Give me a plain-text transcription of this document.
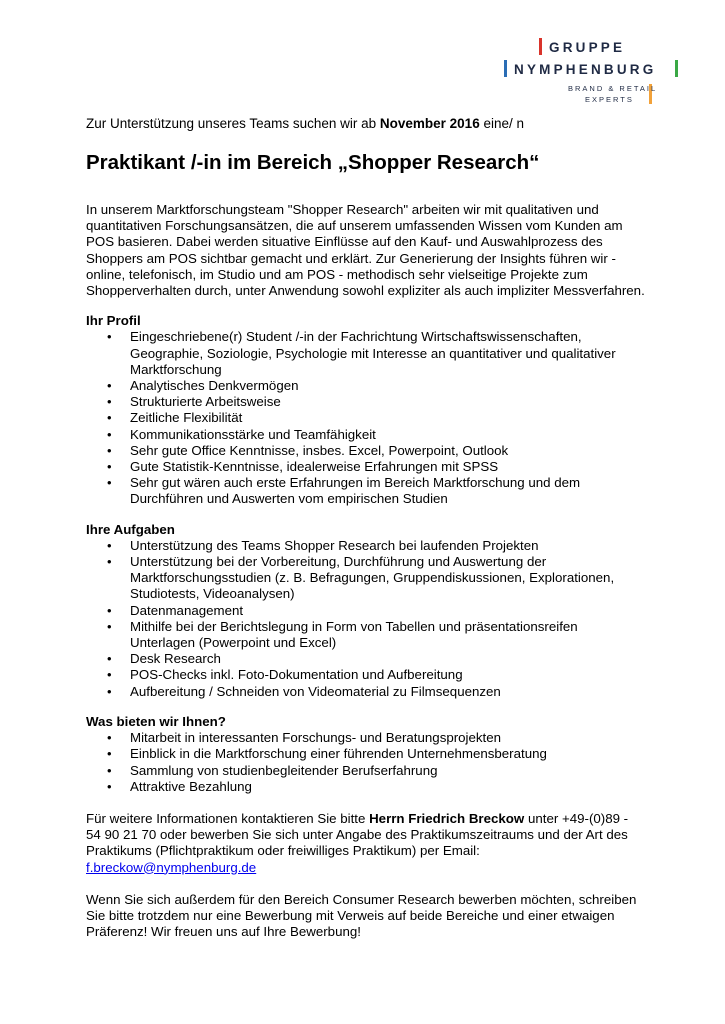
GRUPPE
NYMPHENBURG
BRAND & RETAIL
EXPERTS

Zur Unterstützung unseres Teams suchen wir ab November 2016 eine/ n

Praktikant /-in im Bereich „Shopper Research“

In unserem Marktforschungsteam "Shopper Research" arbeiten wir mit qualitativen und quantitativen Forschungsansätzen, die auf unserem umfassenden Wissen vom Kunden am POS basieren. Dabei werden situative Einflüsse auf den Kauf- und Auswahlprozess des Shoppers am POS sichtbar gemacht und erklärt. Zur Generierung der Insights führen wir - online, telefonisch, im Studio und am POS - methodisch sehr vielseitige Projekte zum Shopperverhalten durch, unter Anwendung sowohl expliziter als auch impliziter Messverfahren.

Ihr Profil
• Eingeschriebene(r) Student /-in der Fachrichtung Wirtschaftswissenschaften, Geographie, Soziologie, Psychologie mit Interesse an quantitativer und qualitativer Marktforschung
• Analytisches Denkvermögen
• Strukturierte Arbeitsweise
• Zeitliche Flexibilität
• Kommunikationsstärke und Teamfähigkeit
• Sehr gute Office Kenntnisse, insbes. Excel, Powerpoint, Outlook
• Gute Statistik-Kenntnisse, idealerweise Erfahrungen mit SPSS
• Sehr gut wären auch erste Erfahrungen im Bereich Marktforschung und dem Durchführen und Auswerten vom empirischen Studien
Ihre Aufgaben
• Unterstützung des Teams Shopper Research bei laufenden Projekten
• Unterstützung bei der Vorbereitung, Durchführung und Auswertung der Marktforschungsstudien (z. B. Befragungen, Gruppendiskussionen, Explorationen, Studiotests, Videoanalysen)
• Datenmanagement
• Mithilfe bei der Berichtslegung in Form von Tabellen und präsentationsreifen Unterlagen (Powerpoint und Excel)
• Desk Research
• POS-Checks inkl. Foto-Dokumentation und Aufbereitung
• Aufbereitung / Schneiden von Videomaterial zu Filmsequenzen
Was bieten wir Ihnen?
• Mitarbeit in interessanten Forschungs- und Beratungsprojekten
• Einblick in die Marktforschung einer führenden Unternehmensberatung
• Sammlung von studienbegleitender Berufserfahrung
• Attraktive Bezahlung

Für weitere Informationen kontaktieren Sie bitte Herrn Friedrich Breckow unter +49-(0)89 - 54 90 21 70 oder bewerben Sie sich unter Angabe des Praktikumszeitraums und der Art des Praktikums (Pflichtpraktikum oder freiwilliges Praktikum) per Email:
f.breckow@nymphenburg.de

Wenn Sie sich außerdem für den Bereich Consumer Research bewerben möchten, schreiben Sie bitte trotzdem nur eine Bewerbung mit Verweis auf beide Bereiche und einer etwaigen Präferenz! Wir freuen uns auf Ihre Bewerbung!
